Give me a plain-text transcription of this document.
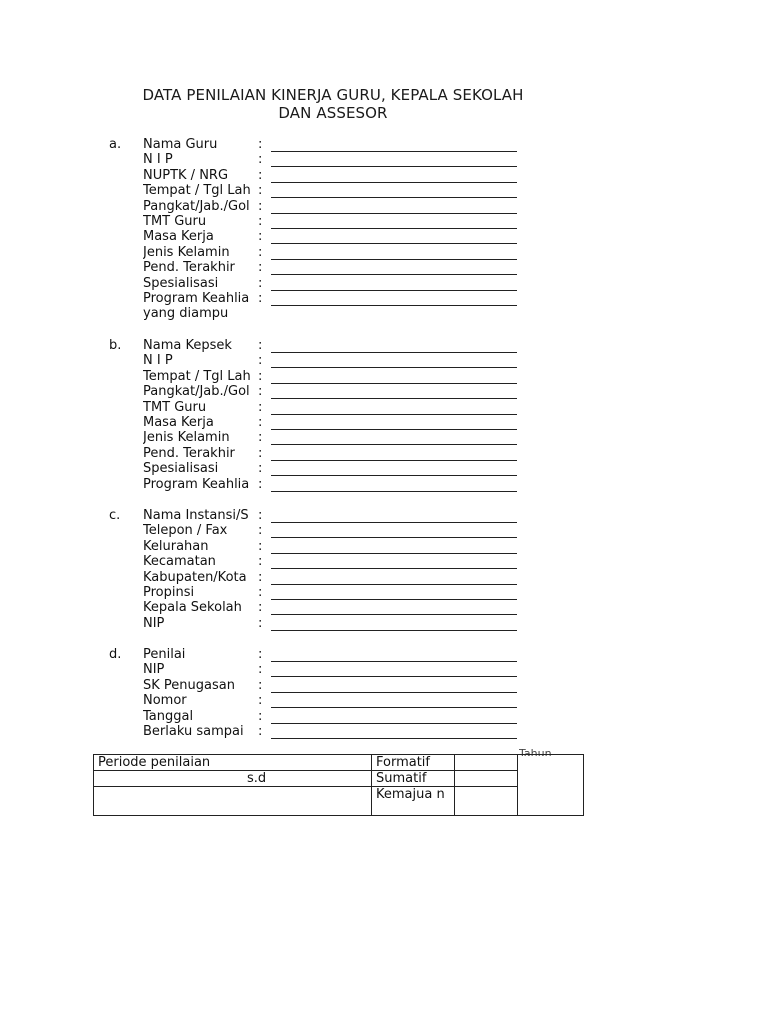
DATA PENILAIAN KINERJA GURU, KEPALA SEKOLAH
DAN ASSESOR
a. Nama Guru	:
N I P	:
NUPTK / NRG	:
Tempat / Tgl Lah :
Pangkat/Jab./Gol :
TMT Guru	:
Masa Kerja	:
Jenis Kelamin	:
Pend. Terakhir	:
Spesialisasi	:
Program Keahlia :
yang diampu
b. Nama Kepsek	:
N I P	:
Tempat / Tgl Lah :
Pangkat/Jab./Gol :
TMT Guru	:
Masa Kerja	:
Jenis Kelamin	:
Pend. Terakhir	:
Spesialisasi	:
Program Keahlia :
c. Nama Instansi/S :
Telepon / Fax	:
Kelurahan	:
Kecamatan	:
Kabupaten/Kota :
Propinsi	:
Kepala Sekolah	:
NIP	:
d. Penilai	:
NIP	:
SK Penugasan	:
Nomor	:
Tanggal	:
Berlaku sampai	:
Tahun
Periode penilaian	Formatif		
s.d	Sumatif		
	Kemajua n		
